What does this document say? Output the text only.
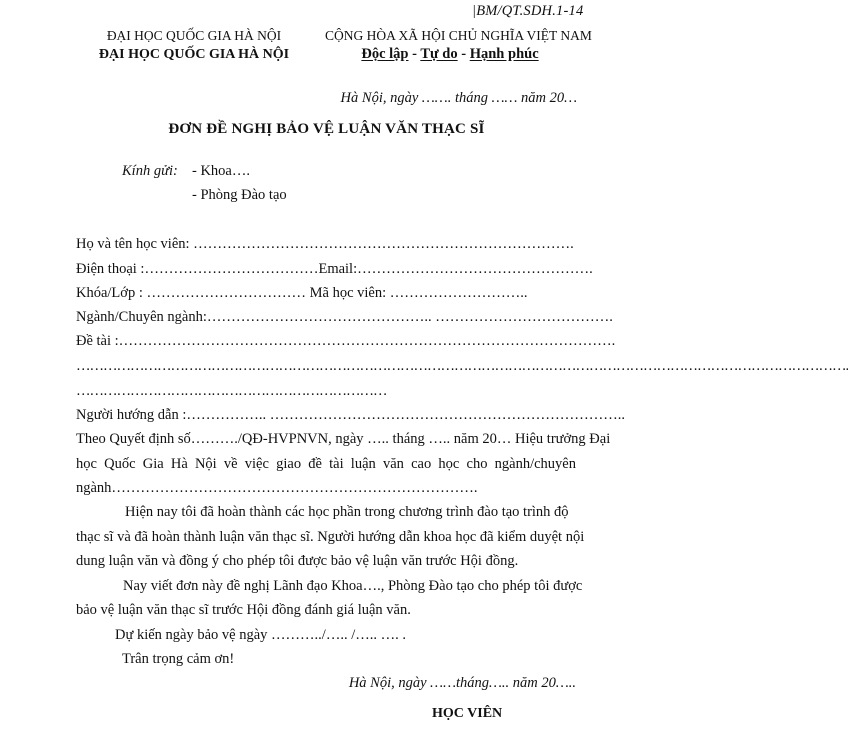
|BM/QT.SDH.1-14
ĐẠI HỌC QUỐC GIA HÀ NỘI
ĐẠI HỌC QUỐC GIA HÀ NỘI
CỘNG HÒA XÃ HỘI CHỦ NGHĨA VIỆT NAM
Độc lập - Tự do - Hạnh phúc
Hà Nội, ngày ……. tháng …… năm 20…
ĐƠN ĐỀ NGHỊ BẢO VỆ LUẬN VĂN THẠC SĨ
Kính gửi: - Khoa….
- Phòng Đào tạo
Họ và tên học viên: …………………………………………………………………….
Điện thoại :………………………………Email:………………………………………….
Khóa/Lớp : …………………………… Mã học viên: ………………………..
Ngành/Chuyên ngành:……………………………………….. ……………………………….
Đề tài :………………………………………………………………………………………….
……………………………………………………………………………………………………………………………………………………….
……………………………………………………………
Người hướng dẫn :…………….. ………………………………………………………………..
Theo Quyết định số………./QĐ-HVPNVN, ngày ….. tháng ….. năm 20… Hiệu trưởng Đại
học Quốc Gia Hà Nội về việc giao đề tài luận văn cao học cho ngành/chuyên
ngành………………………………………………………………….
Hiện nay tôi đã hoàn thành các học phần trong chương trình đào tạo trình độ
thạc sĩ và đã hoàn thành luận văn thạc sĩ. Người hướng dẫn khoa học đã kiểm duyệt nội
dung luận văn và đồng ý cho phép tôi được bảo vệ luận văn trước Hội đồng.
Nay viết đơn này đề nghị Lãnh đạo Khoa…., Phòng Đào tạo cho phép tôi được
bảo vệ luận văn thạc sĩ trước Hội đồng đánh giá luận văn.
Dự kiến ngày bảo vệ ngày ………../….. /….. …. .
Trân trọng cảm ơn!
Hà Nội, ngày ……tháng….. năm 20…..
HỌC VIÊN
